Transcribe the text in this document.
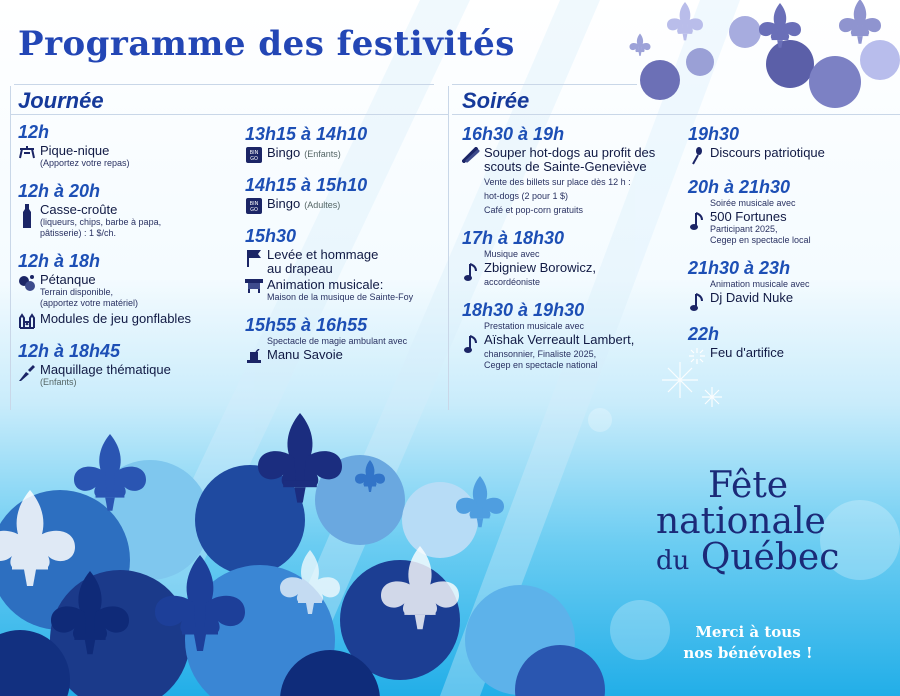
Programme des festivités
Journée	Soirée
12h
Pique-nique
(Apportez votre repas)
12h à 20h
Casse-croûte
(liqueurs, chips, barbe à papa,
pâtisserie) : 1 $/ch.
12h à 18h
Pétanque
Terrain disponible,
(apportez votre matériel)
Modules de jeu gonflables
12h à 18h45
Maquillage thématique
(Enfants)
13h15 à 14h10
BIN
GO Bingo (Enfants)
14h15 à 15h10
BIN
GO Bingo (Adultes)
15h30
Levée et hommage au drapeau
Animation musicale:
Maison de la musique de Sainte-Foy
15h55 à 16h55
Spectacle de magie ambulant avec
Manu Savoie
16h30 à 19h
Souper hot-dogs au profit des scouts de Sainte-Geneviève
Vente des billets sur place dès 12 h :
hot-dogs (2 pour 1 $)
Café et pop-corn gratuits
17h à 18h30
Musique avec
Zbigniew Borowicz,
accordéoniste
18h30 à 19h30
Prestation musicale avec
Aïshak Verreault Lambert,
chansonnier, Finaliste 2025,
Cegep en spectacle national
19h30
Discours patriotique
20h à 21h30
Soirée musicale avec
500 Fortunes
Participant 2025,
Cegep en spectacle local
21h30 à 23h
Animation musicale avec
Dj David Nuke
22h
Feu d'artifice
Fête
nationale
du Québec
Merci à tous
nos bénévoles !
